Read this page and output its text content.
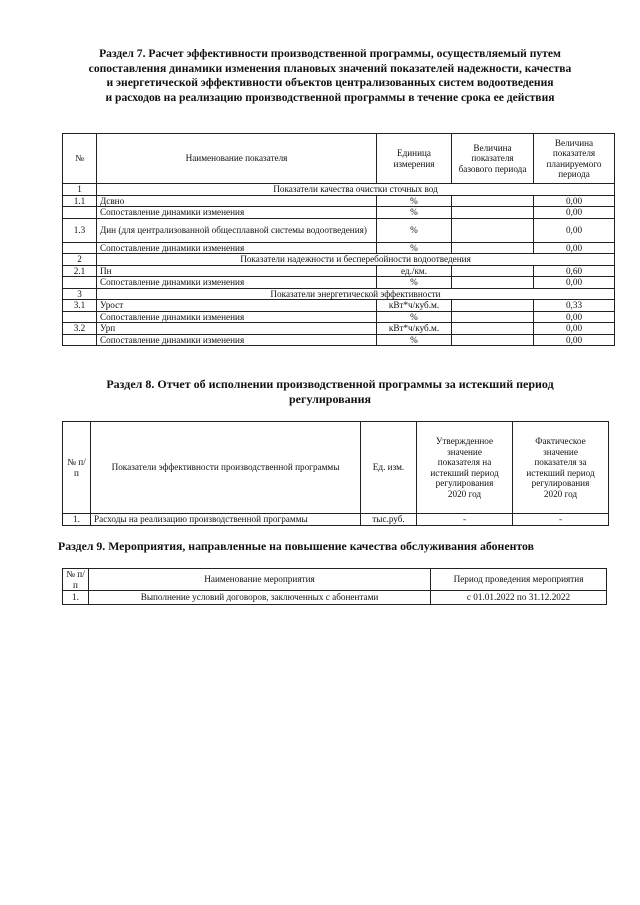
Раздел 7. Расчет эффективности производственной программы, осуществляемый путем
сопоставления динамики изменения плановых значений показателей надежности, качества
и энергетической эффективности объектов централизованных систем водоотведения
и расходов на реализацию производственной программы в течение срока ее действия
№	Наименование показателя	Единица измерения	Величина показателя базового периода	Величина показателя планируемого периода
1	Показатели качества очистки сточных вод			
1.1	Дсвно	%		0,00
	Сопоставление динамики изменения	%		0,00
1.3	Дин (для централизованной общесплавной системы водоотведения)	%		0,00
	Сопоставление динамики изменения	%		0,00
2	Показатели надежности и бесперебойности водоотведения			
2.1	Пн	ед./км.		0,60
	Сопоставление динамики изменения	%		0,00
3	Показатели энергетической эффективности			
3.1	Урост	кВт*ч/куб.м.		0,33
	Сопоставление динамики изменения	%		0,00
3.2	Урп	кВт*ч/куб.м.		0,00
	Сопоставление динамики изменения	%		0,00
Раздел 8. Отчет об исполнении производственной программы за истекший период
регулирования
№ п/п	Показатели эффективности производственной программы	Ед. изм.	Утвержденное значение показателя на истекший период регулирования 2020 год	Фактическое значение показателя за истекший период регулирования 2020 год
1.	Расходы на реализацию производственной программы	тыс.руб.	-	-
Раздел 9. Мероприятия, направленные на повышение качества обслуживания абонентов
№ п/п	Наименование мероприятия	Период проведения мероприятия
1.	Выполнение условий договоров, заключенных с абонентами	с 01.01.2022 по 31.12.2022
